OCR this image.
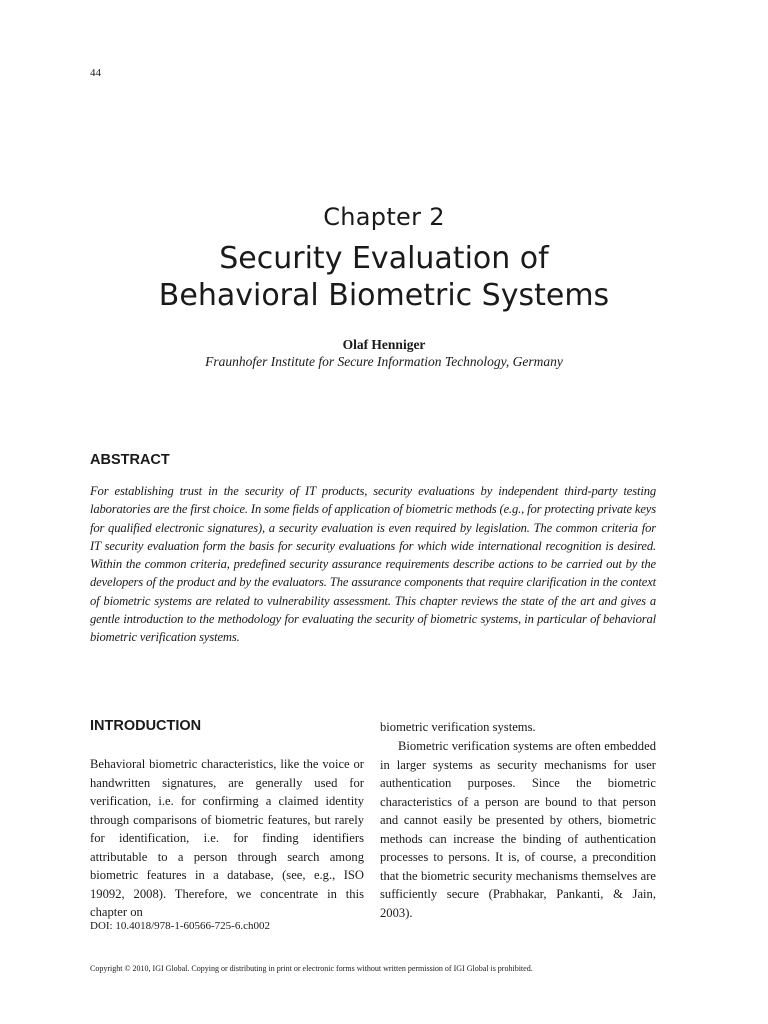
44
Chapter 2
Security Evaluation of
Behavioral Biometric Systems
Olaf Henniger
Fraunhofer Institute for Secure Information Technology, Germany
ABSTRACT
For establishing trust in the security of IT products, security evaluations by independent third-party testing laboratories are the first choice. In some fields of application of biometric methods (e.g., for protecting private keys for qualified electronic signatures), a security evaluation is even required by legislation. The common criteria for IT security evaluation form the basis for security evaluations for which wide international recognition is desired. Within the common criteria, predefined security assurance requirements describe actions to be carried out by the developers of the product and by the evaluators. The assurance components that require clarification in the context of biometric systems are related to vulnerability assessment. This chapter reviews the state of the art and gives a gentle introduction to the methodology for evaluating the security of biometric systems, in particular of behavioral biometric verification systems.
INTRODUCTION
Behavioral biometric characteristics, like the voice or handwritten signatures, are generally used for verification, i.e. for confirming a claimed identity through comparisons of biometric features, but rarely for identification, i.e. for finding identifiers attributable to a person through search among biometric features in a database, (see, e.g., ISO 19092, 2008). Therefore, we concentrate in this chapter on
biometric verification systems.
Biometric verification systems are often embedded in larger systems as security mechanisms for user authentication purposes. Since the biometric characteristics of a person are bound to that person and cannot easily be presented by others, biometric methods can increase the binding of authentication processes to persons. It is, of course, a precondition that the biometric security mechanisms themselves are sufficiently secure (Prabhakar, Pankanti, & Jain, 2003).
DOI: 10.4018/978-1-60566-725-6.ch002
Copyright © 2010, IGI Global. Copying or distributing in print or electronic forms without written permission of IGI Global is prohibited.
